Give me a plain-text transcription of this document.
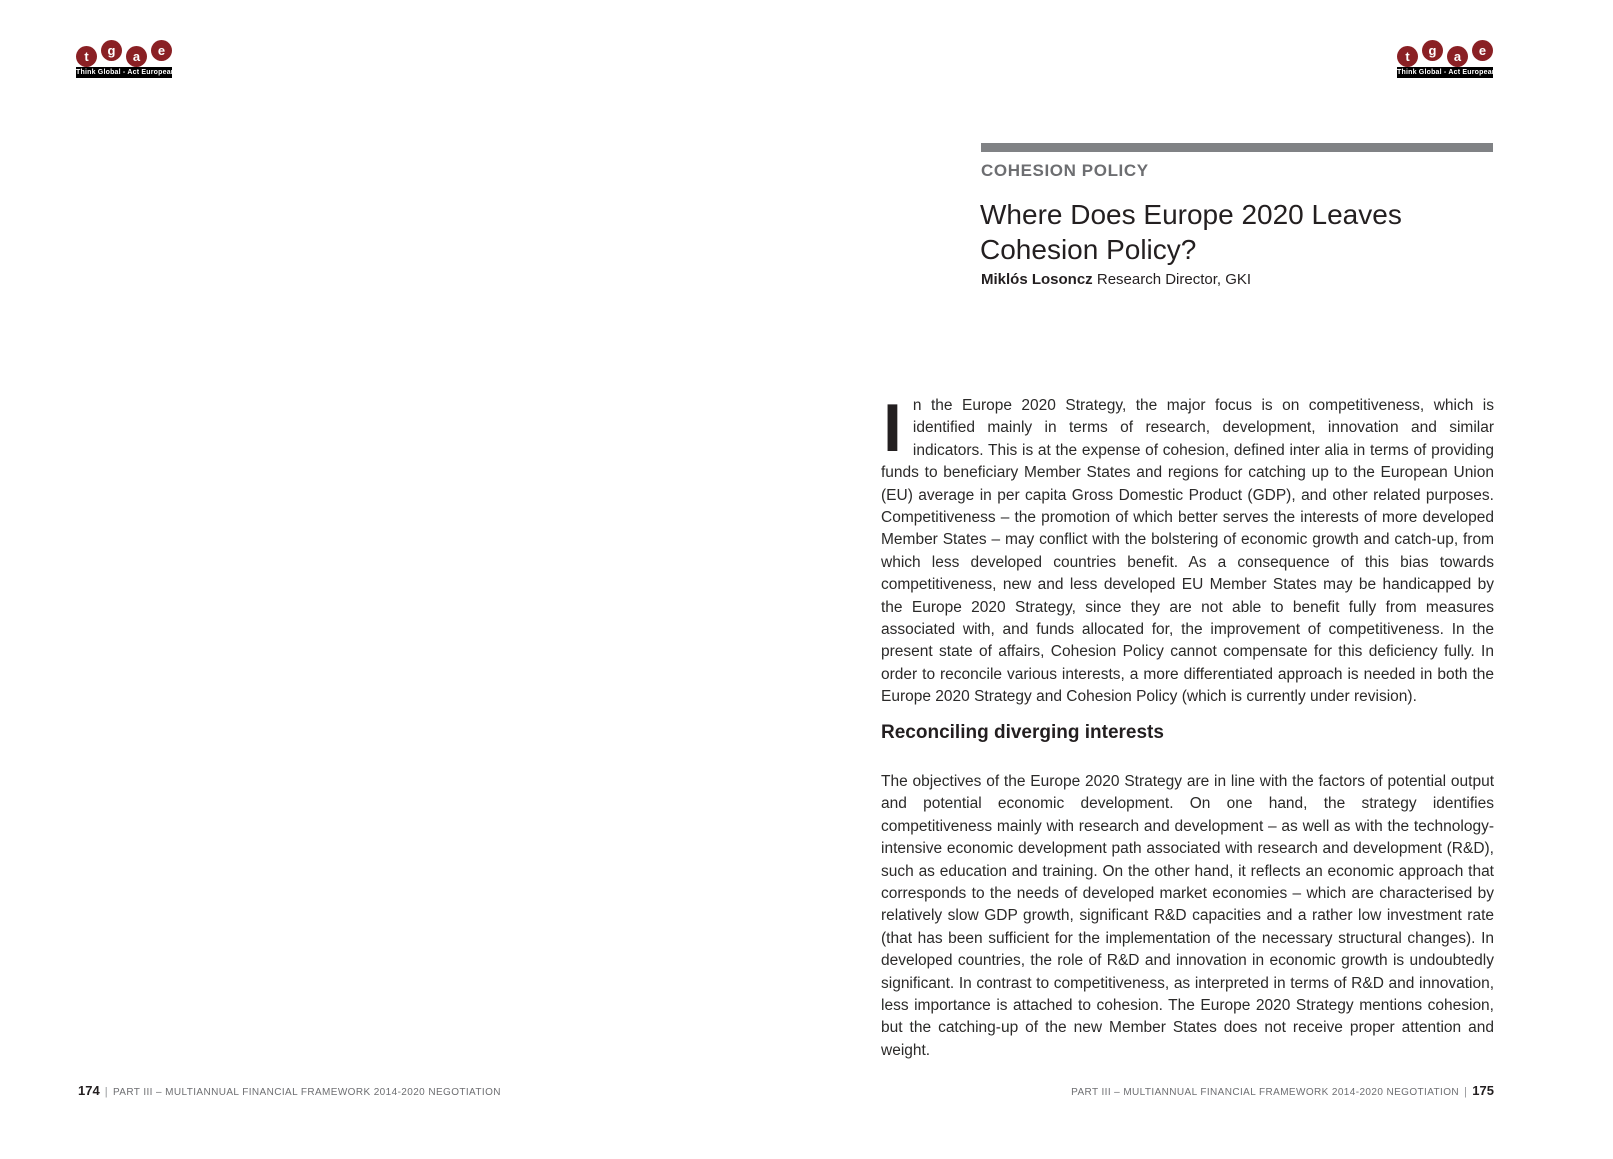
t	g	a	e
Think Global - Act European
t	g	a	e
Think Global - Act European
COHESION POLICY
Where Does Europe 2020 Leaves
Cohesion Policy?
Miklós Losoncz Research Director, GKI

In the Europe 2020 Strategy, the major focus is on competitiveness, which is identified mainly in terms of research, development, innovation and similar indicators. This is at the expense of cohesion, defined inter alia in terms of providing funds to beneficiary Member States and regions for catching up to the European Union (EU) average in per capita Gross Domestic Product (GDP), and other related purposes. Competitiveness – the promotion of which better serves the interests of more developed Member States – may conflict with the bolstering of economic growth and catch-up, from which less developed countries benefit. As a consequence of this bias towards competitiveness, new and less developed EU Member States may be handicapped by the Europe 2020 Strategy, since they are not able to benefit fully from measures associated with, and funds allocated for, the improvement of competitiveness. In the present state of affairs, Cohesion Policy cannot compensate for this deficiency fully. In order to reconcile various interests, a more differentiated approach is needed in both the Europe 2020 Strategy and Cohesion Policy (which is currently under revision).

Reconciling diverging interests

The objectives of the Europe 2020 Strategy are in line with the factors of potential output and potential economic development. On one hand, the strategy identifies competitiveness mainly with research and development – as well as with the technology-intensive economic development path associated with research and development (R&D), such as education and training. On the other hand, it reflects an economic approach that corresponds to the needs of developed market economies – which are characterised by relatively slow GDP growth, significant R&D capacities and a rather low investment rate (that has been sufficient for the implementation of the necessary structural changes). In developed countries, the role of R&D and innovation in economic growth is undoubtedly significant. In contrast to competitiveness, as interpreted in terms of R&D and innovation, less importance is attached to cohesion. The Europe 2020 Strategy mentions cohesion, but the catching-up of the new Member States does not receive proper attention and weight.

174 | PART III – MULTIANNUAL FINANCIAL FRAMEWORK 2014-2020 NEGOTIATION	PART III – MULTIANNUAL FINANCIAL FRAMEWORK 2014-2020 NEGOTIATION | 175
